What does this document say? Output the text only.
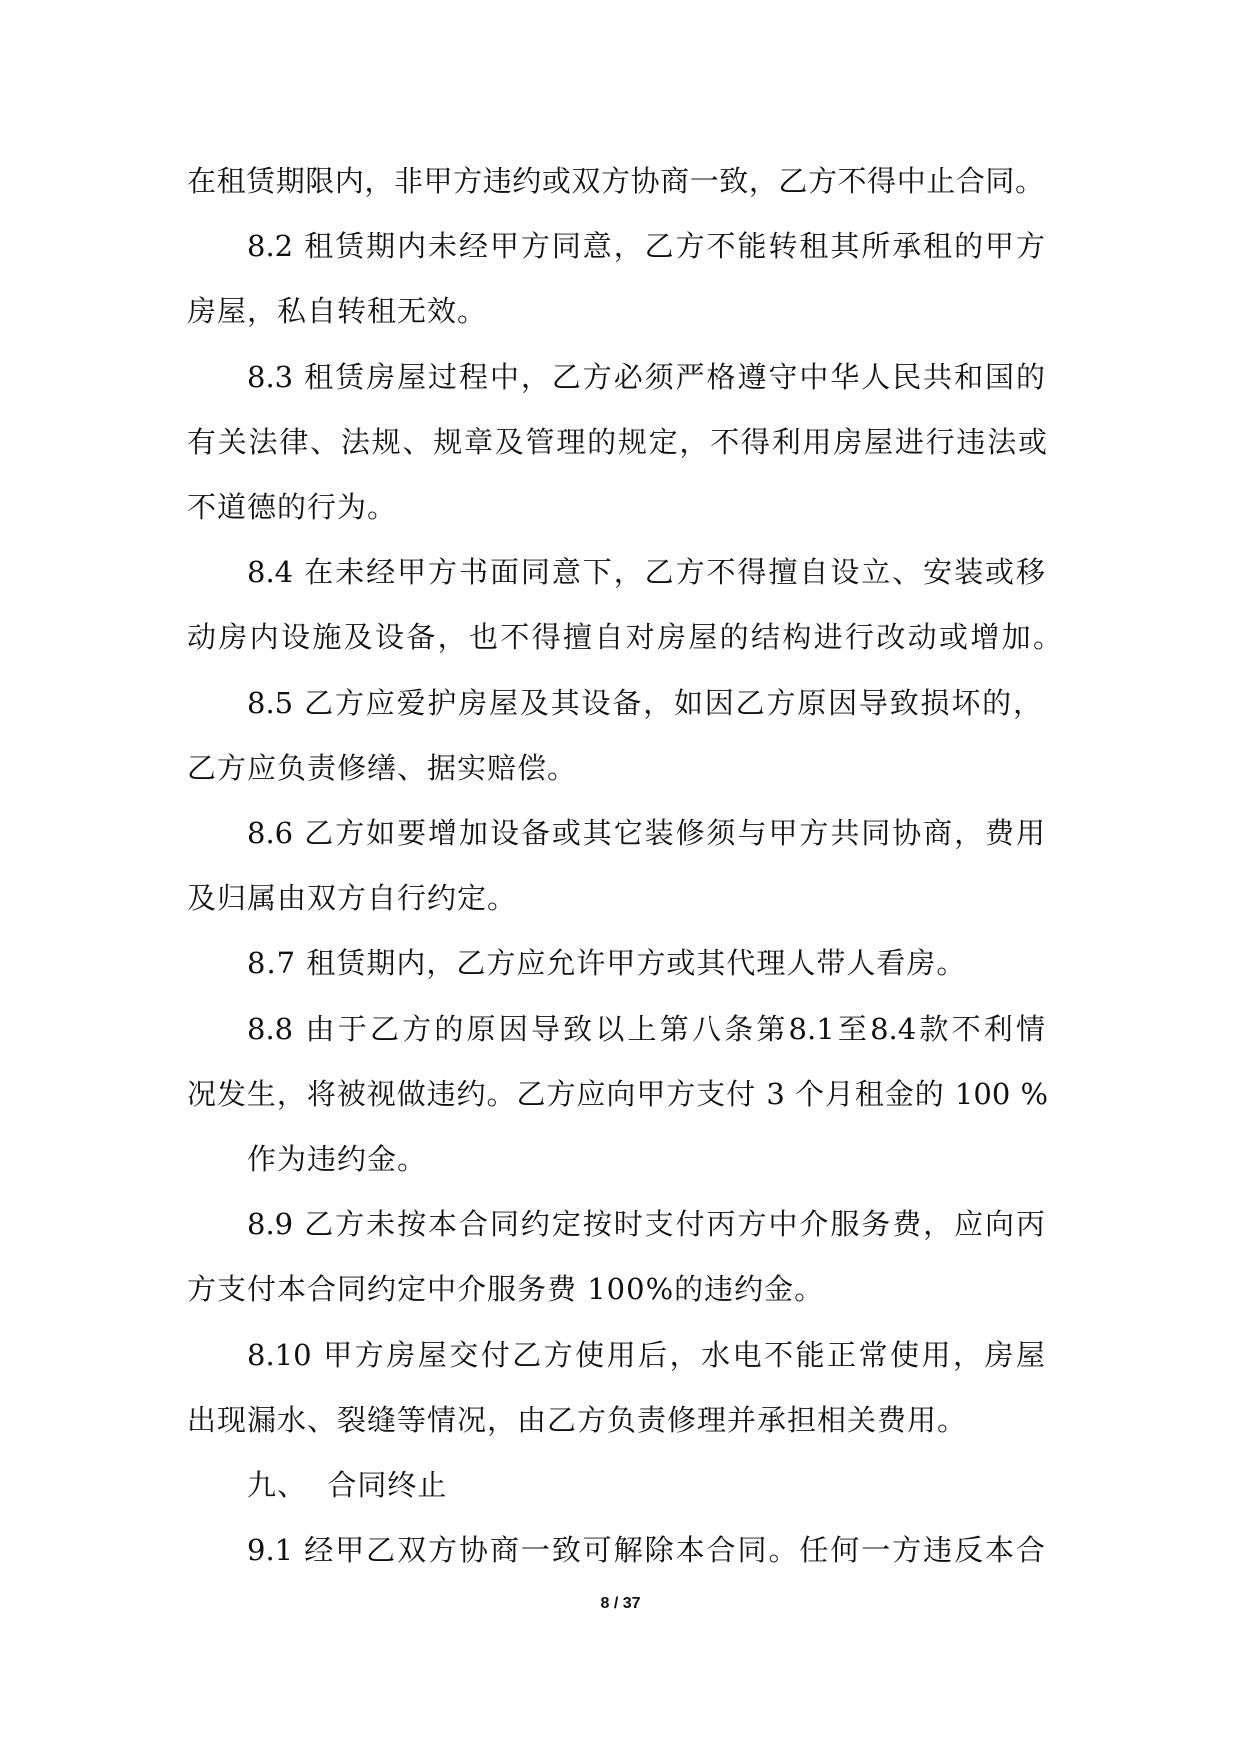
在租赁期限内，非甲方违约或双方协商一致，乙方不得中止合同。
8.2 租赁期内未经甲方同意，乙方不能转租其所承租的甲方
房屋，私自转租无效。
8.3 租赁房屋过程中，乙方必须严格遵守中华人民共和国的
有关法律、法规、规章及管理的规定，不得利用房屋进行违法或
不道德的行为。
8.4 在未经甲方书面同意下，乙方不得擅自设立、安装或移
动房内设施及设备，也不得擅自对房屋的结构进行改动或增加。
8.5 乙方应爱护房屋及其设备，如因乙方原因导致损坏的，
乙方应负责修缮、据实赔偿。
8.6 乙方如要增加设备或其它装修须与甲方共同协商，费用
及归属由双方自行约定。
8.7 租赁期内，乙方应允许甲方或其代理人带人看房。
8.8 由于乙方的原因导致以上第八条第8.1至8.4款不利情
况发生，将被视做违约。乙方应向甲方支付 3 个月租金的 100 %
作为违约金。
8.9 乙方未按本合同约定按时支付丙方中介服务费，应向丙
方支付本合同约定中介服务费 100%的违约金。
8.10 甲方房屋交付乙方使用后，水电不能正常使用，房屋
出现漏水、裂缝等情况，由乙方负责修理并承担相关费用。
九、  合同终止
9.1 经甲乙双方协商一致可解除本合同。任何一方违反本合
8 / 37
